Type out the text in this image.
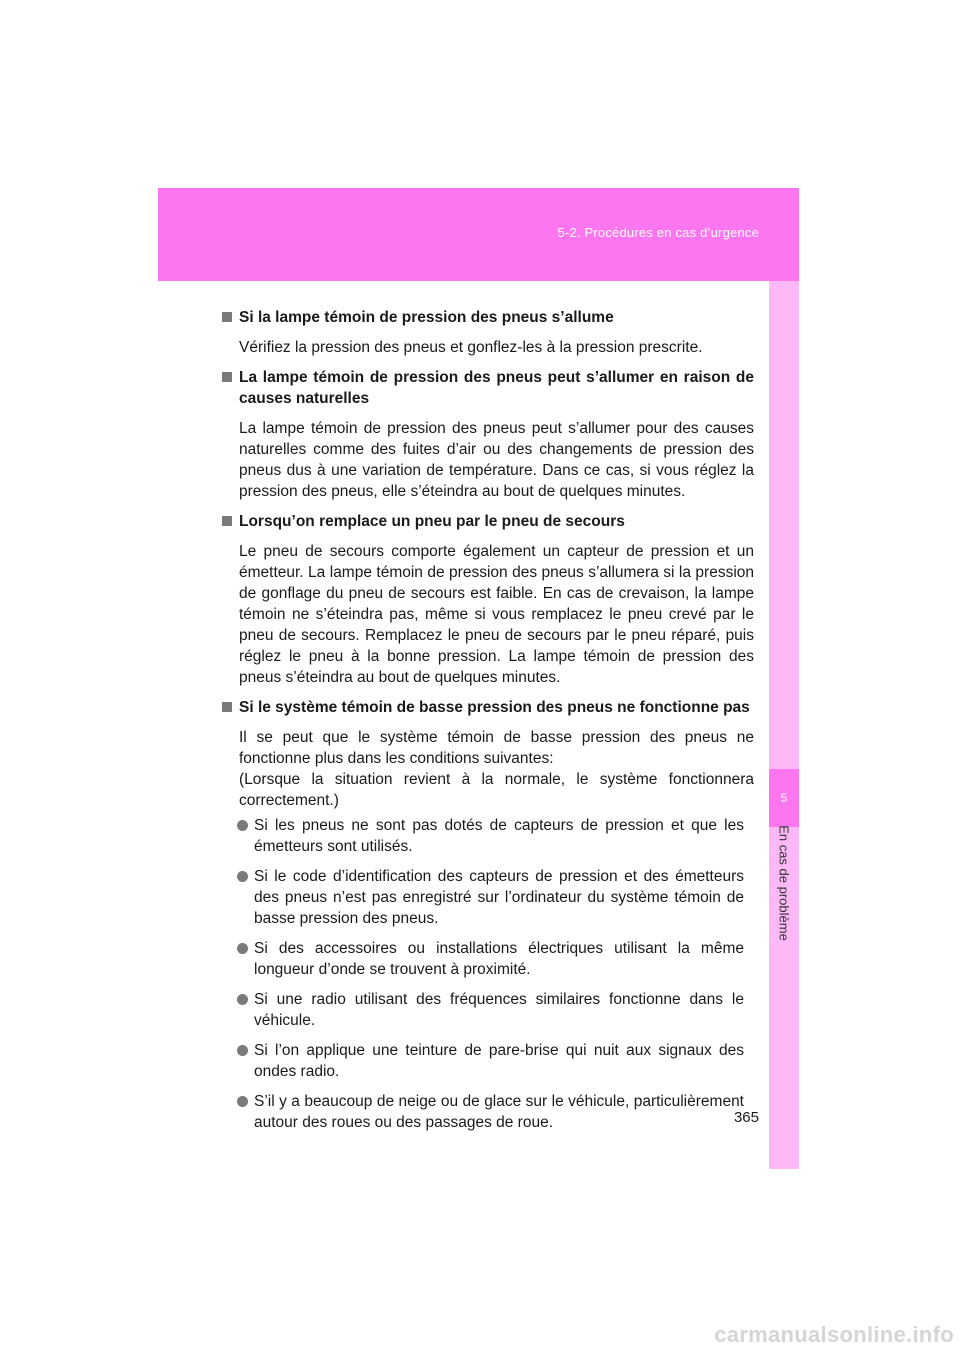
5-2. Procédures en cas d’urgence
5
En cas de problème
Si la lampe témoin de pression des pneus s’allume
Vérifiez la pression des pneus et gonflez-les à la pression prescrite.
La lampe témoin de pression des pneus peut s’allumer en raison de causes naturelles
La lampe témoin de pression des pneus peut s’allumer pour des causes naturelles comme des fuites d’air ou des changements de pression des pneus dus à une variation de température. Dans ce cas, si vous réglez la pression des pneus, elle s’éteindra au bout de quelques minutes.
Lorsqu’on remplace un pneu par le pneu de secours
Le pneu de secours comporte également un capteur de pression et un émetteur. La lampe témoin de pression des pneus s’allumera si la pression de gonflage du pneu de secours est faible. En cas de crevaison, la lampe témoin ne s’éteindra pas, même si vous remplacez le pneu crevé par le pneu de secours. Remplacez le pneu de secours par le pneu réparé, puis réglez le pneu à la bonne pression. La lampe témoin de pression des pneus s’éteindra au bout de quelques minutes.
Si le système témoin de basse pression des pneus ne fonctionne pas
Il se peut que le système témoin de basse pression des pneus ne fonctionne plus dans les conditions suivantes:
(Lorsque la situation revient à la normale, le système fonctionnera correctement.)
Si les pneus ne sont pas dotés de capteurs de pression et que les émetteurs sont utilisés.
Si le code d’identification des capteurs de pression et des émetteurs des pneus n’est pas enregistré sur l’ordinateur du système témoin de basse pression des pneus.
Si des accessoires ou installations électriques utilisant la même longueur d’onde se trouvent à proximité.
Si une radio utilisant des fréquences similaires fonctionne dans le véhicule.
Si l’on applique une teinture de pare-brise qui nuit aux signaux des ondes radio.
S’il y a beaucoup de neige ou de glace sur le véhicule, particulièrement autour des roues ou des passages de roue.	365
carmanualsonline.info
